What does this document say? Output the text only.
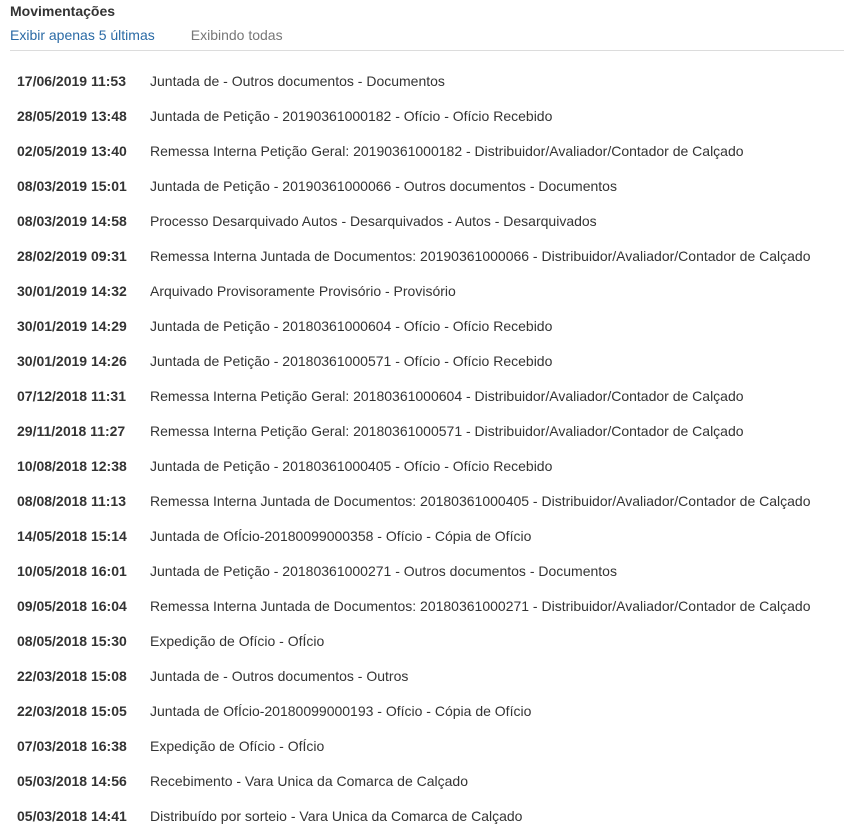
Movimentações
Exibir apenas 5 últimas	Exibindo todas
17/06/2019 11:53 Juntada de - Outros documentos - Documentos
28/05/2019 13:48 Juntada de Petição - 20190361000182 - Ofício - Ofício Recebido
02/05/2019 13:40 Remessa Interna Petição Geral: 20190361000182 - Distribuidor/Avaliador/Contador de Calçado
08/03/2019 15:01 Juntada de Petição - 20190361000066 - Outros documentos - Documentos
08/03/2019 14:58 Processo Desarquivado Autos - Desarquivados - Autos - Desarquivados
28/02/2019 09:31 Remessa Interna Juntada de Documentos: 20190361000066 - Distribuidor/Avaliador/Contador de Calçado
30/01/2019 14:32 Arquivado Provisoramente Provisório - Provisório
30/01/2019 14:29 Juntada de Petição - 20180361000604 - Ofício - Ofício Recebido
30/01/2019 14:26 Juntada de Petição - 20180361000571 - Ofício - Ofício Recebido
07/12/2018 11:31 Remessa Interna Petição Geral: 20180361000604 - Distribuidor/Avaliador/Contador de Calçado
29/11/2018 11:27 Remessa Interna Petição Geral: 20180361000571 - Distribuidor/Avaliador/Contador de Calçado
10/08/2018 12:38 Juntada de Petição - 20180361000405 - Ofício - Ofício Recebido
08/08/2018 11:13 Remessa Interna Juntada de Documentos: 20180361000405 - Distribuidor/Avaliador/Contador de Calçado
14/05/2018 15:14 Juntada de OfÍcio-20180099000358 - Ofício - Cópia de Ofício
10/05/2018 16:01 Juntada de Petição - 20180361000271 - Outros documentos - Documentos
09/05/2018 16:04 Remessa Interna Juntada de Documentos: 20180361000271 - Distribuidor/Avaliador/Contador de Calçado
08/05/2018 15:30 Expedição de Ofício - OfÍcio
22/03/2018 15:08 Juntada de - Outros documentos - Outros
22/03/2018 15:05 Juntada de OfÍcio-20180099000193 - Ofício - Cópia de Ofício
07/03/2018 16:38 Expedição de Ofício - OfÍcio
05/03/2018 14:56 Recebimento - Vara Unica da Comarca de Calçado
05/03/2018 14:41 Distribuído por sorteio - Vara Unica da Comarca de Calçado
